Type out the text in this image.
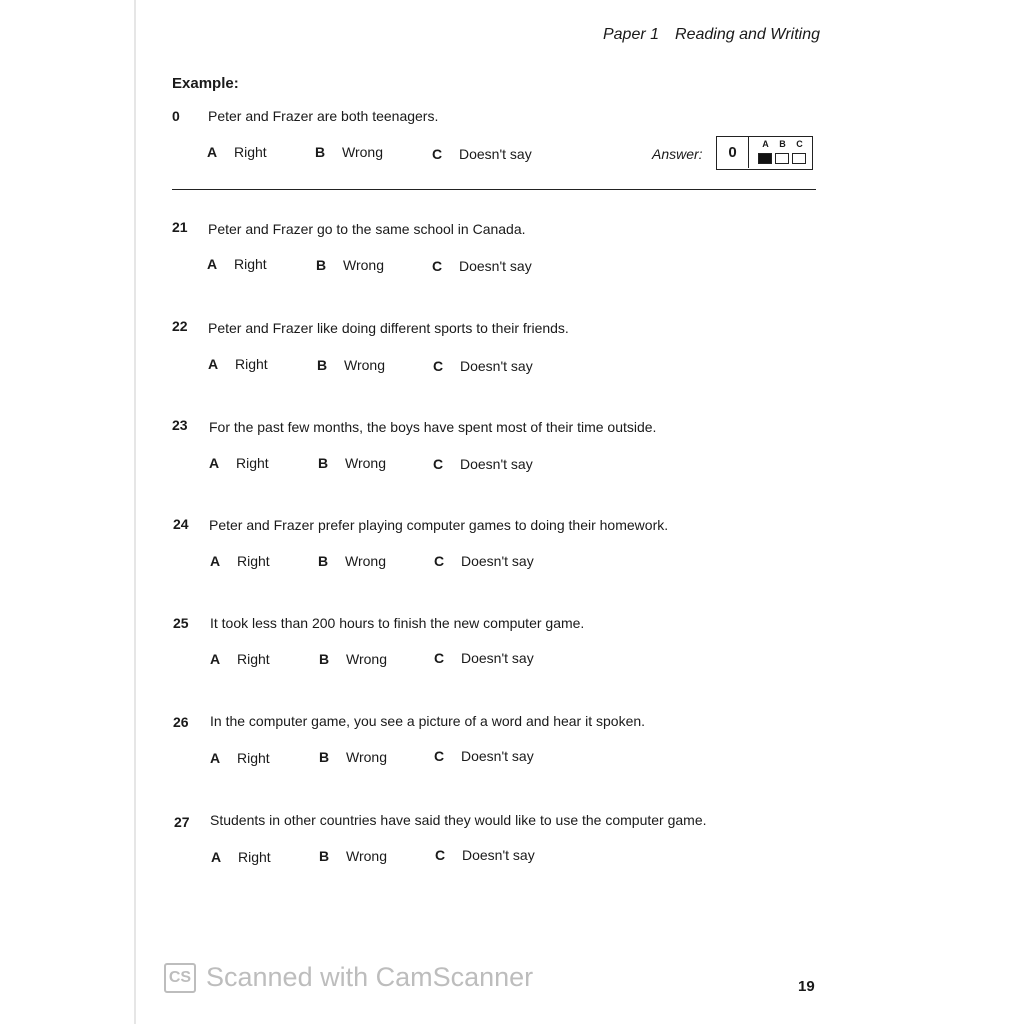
Paper 1 Reading and Writing
Example:
0	Peter and Frazer are both teenagers.
A Right	B Wrong	C Doesn't say	Answer:	0	A B C
21	Peter and Frazer go to the same school in Canada.
A Right	B Wrong	C Doesn't say
22	Peter and Frazer like doing different sports to their friends.
A Right	B Wrong	C Doesn't say
23	For the past few months, the boys have spent most of their time outside.
A Right	B Wrong	C Doesn't say
24	Peter and Frazer prefer playing computer games to doing their homework.
A Right	B Wrong	C Doesn't say
25	It took less than 200 hours to finish the new computer game.
A Right	B Wrong	C Doesn't say
26	In the computer game, you see a picture of a word and hear it spoken.
A Right	B Wrong	C Doesn't say
27	Students in other countries have said they would like to use the computer game.
A Right	B Wrong	C Doesn't say
CS Scanned with CamScanner	19
